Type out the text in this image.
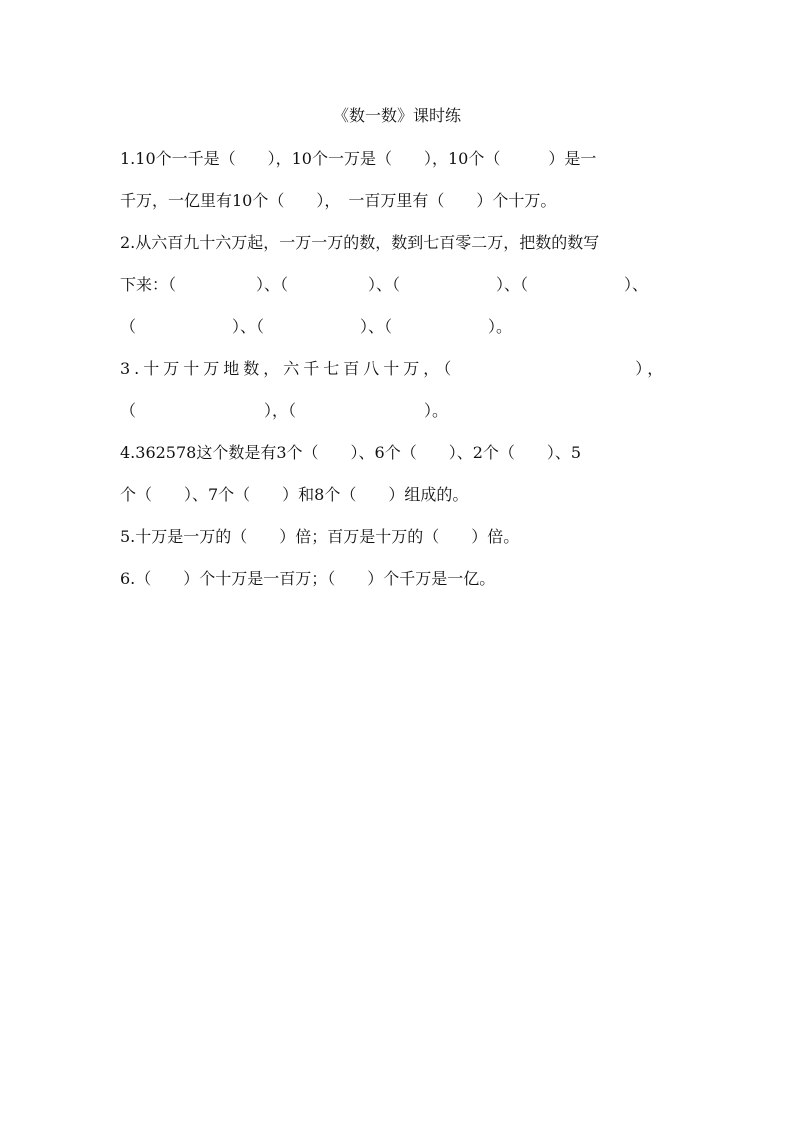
《数一数》课时练
1.10个一千是（　　），10个一万是（　　），10个（　　　）是一
千万，一亿里有10个（　　），　一百万里有（　　）个十万。
2.从六百九十六万起，一万一万的数，数到七百零二万，把数的数写
下来：（　　　　　）、（　　　　　）、（　　　　　　）、（　　　　　　）、
（　　　　　　）、（　　　　　　）、（　　　　　　）。
3.十万十万地数，六千七百八十万，（　　　　　　　　　），
（　　　　　　　　），（　　　　　　　　）。
4.362578这个数是有3个（　　）、6个（　　）、2个（　　）、5
个（　　）、7个（　　）和8个（　　）组成的。
5.十万是一万的（　　）倍；百万是十万的（　　）倍。
6.（　　）个十万是一百万；（　　）个千万是一亿。
